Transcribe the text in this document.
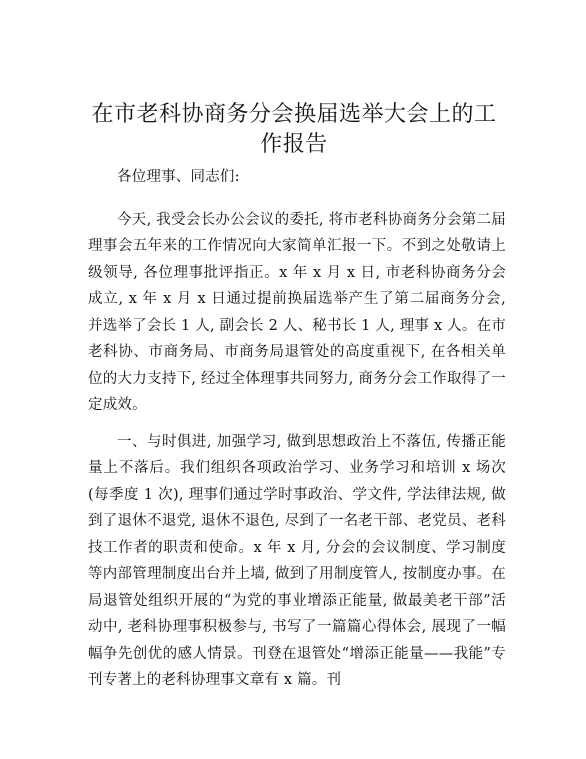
在市老科协商务分会换届选举大会上的工作报告

各位理事、同志们:

今天, 我受会长办公会议的委托, 将市老科协商务分会第二届理事会五年来的工作情况向大家简单汇报一下。不到之处敬请上级领导, 各位理事批评指正。x 年 x 月 x 日, 市老科协商务分会成立, x 年 x 月 x 日通过提前换届选举产生了第二届商务分会, 并选举了会长 1 人, 副会长 2 人、秘书长 1 人, 理事 x 人。在市老科协、市商务局、市商务局退管处的高度重视下, 在各相关单位的大力支持下, 经过全体理事共同努力, 商务分会工作取得了一定成效。

一、与时俱进, 加强学习, 做到思想政治上不落伍, 传播正能量上不落后。我们组织各项政治学习、业务学习和培训 x 场次(每季度 1 次), 理事们通过学时事政治、学文件, 学法律法规, 做到了退休不退党, 退休不退色, 尽到了一名老干部、老党员、老科技工作者的职责和使命。x 年 x 月, 分会的会议制度、学习制度等内部管理制度出台并上墙, 做到了用制度管人, 按制度办事。在局退管处组织开展的“为党的事业增添正能量, 做最美老干部”活动中, 老科协理事积极参与, 书写了一篇篇心得体会, 展现了一幅幅争先创优的感人情景。刊登在退管处“增添正能量——我能”专刊专著上的老科协理事文章有 x 篇。刊
